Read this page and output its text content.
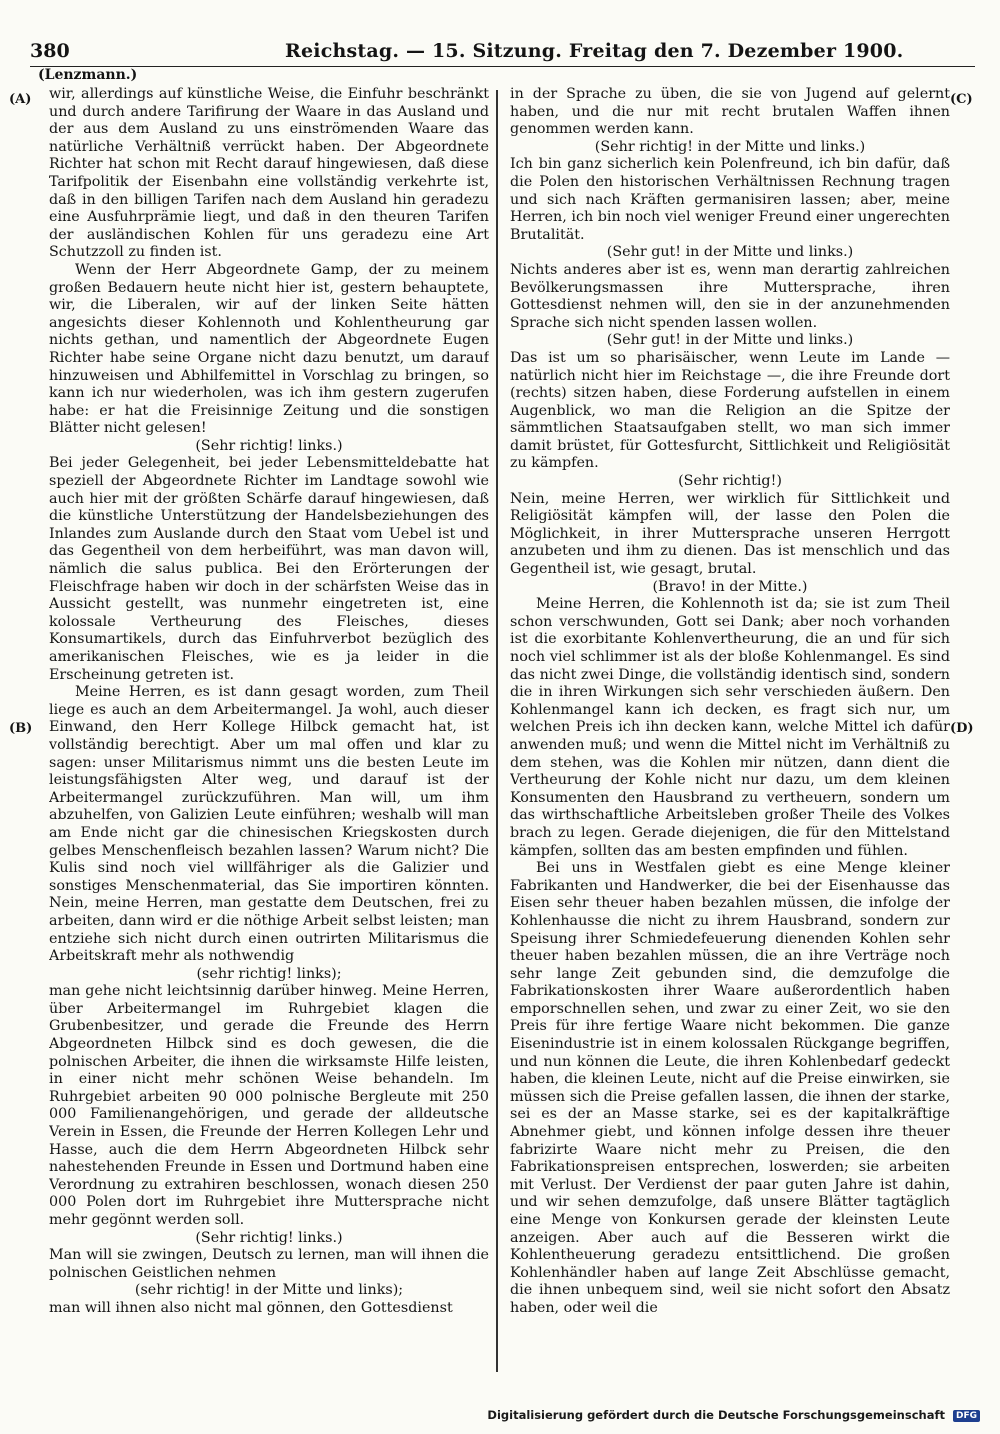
380	Reichstag. — 15. Sitzung. Freitag den 7. Dezember 1900.
(Lenzmann.)
(A)
(B)
(C)
(D)

wir, allerdings auf künstliche Weise, die Einfuhr beschränkt und durch andere Tarifirung der Waare in das Ausland und der aus dem Ausland zu uns einströmenden Waare das natürliche Verhältniß verrückt haben. Der Abgeordnete Richter hat schon mit Recht darauf hingewiesen, daß diese Tarifpolitik der Eisenbahn eine vollständig verkehrte ist, daß in den billigen Tarifen nach dem Ausland hin geradezu eine Ausfuhrprämie liegt, und daß in den theuren Tarifen der ausländischen Kohlen für uns geradezu eine Art Schutzzoll zu finden ist.

Wenn der Herr Abgeordnete Gamp, der zu meinem großen Bedauern heute nicht hier ist, gestern behauptete, wir, die Liberalen, wir auf der linken Seite hätten angesichts dieser Kohlennoth und Kohlentheurung gar nichts gethan, und namentlich der Abgeordnete Eugen Richter habe seine Organe nicht dazu benutzt, um darauf hinzuweisen und Abhilfemittel in Vorschlag zu bringen, so kann ich nur wiederholen, was ich ihm gestern zugerufen habe: er hat die Freisinnige Zeitung und die sonstigen Blätter nicht gelesen!

(Sehr richtig! links.)

Bei jeder Gelegenheit, bei jeder Lebensmitteldebatte hat speziell der Abgeordnete Richter im Landtage sowohl wie auch hier mit der größten Schärfe darauf hingewiesen, daß die künstliche Unterstützung der Handelsbeziehungen des Inlandes zum Auslande durch den Staat vom Uebel ist und das Gegentheil von dem herbeiführt, was man davon will, nämlich die salus publica. Bei den Erörterungen der Fleischfrage haben wir doch in der schärfsten Weise das in Aussicht gestellt, was nunmehr eingetreten ist, eine kolossale Vertheurung des Fleisches, dieses Konsumartikels, durch das Einfuhrverbot bezüglich des amerikanischen Fleisches, wie es ja leider in die Erscheinung getreten ist.

Meine Herren, es ist dann gesagt worden, zum Theil liege es auch an dem Arbeitermangel. Ja wohl, auch dieser Einwand, den Herr Kollege Hilbck gemacht hat, ist vollständig berechtigt. Aber um mal offen und klar zu sagen: unser Militarismus nimmt uns die besten Leute im leistungsfähigsten Alter weg, und darauf ist der Arbeitermangel zurückzuführen. Man will, um ihm abzuhelfen, von Galizien Leute einführen; weshalb will man am Ende nicht gar die chinesischen Kriegskosten durch gelbes Menschenfleisch bezahlen lassen? Warum nicht? Die Kulis sind noch viel willfähriger als die Galizier und sonstiges Menschenmaterial, das Sie importiren könnten. Nein, meine Herren, man gestatte dem Deutschen, frei zu arbeiten, dann wird er die nöthige Arbeit selbst leisten; man entziehe sich nicht durch einen outrirten Militarismus die Arbeitskraft mehr als nothwendig

(sehr richtig! links);

man gehe nicht leichtsinnig darüber hinweg. Meine Herren, über Arbeitermangel im Ruhrgebiet klagen die Grubenbesitzer, und gerade die Freunde des Herrn Abgeordneten Hilbck sind es doch gewesen, die die polnischen Arbeiter, die ihnen die wirksamste Hilfe leisten, in einer nicht mehr schönen Weise behandeln. Im Ruhrgebiet arbeiten 90 000 polnische Bergleute mit 250 000 Familienangehörigen, und gerade der alldeutsche Verein in Essen, die Freunde der Herren Kollegen Lehr und Hasse, auch die dem Herrn Abgeordneten Hilbck sehr nahestehenden Freunde in Essen und Dortmund haben eine Verordnung zu extrahiren beschlossen, wonach diesen 250 000 Polen dort im Ruhrgebiet ihre Muttersprache nicht mehr gegönnt werden soll.

(Sehr richtig! links.)

Man will sie zwingen, Deutsch zu lernen, man will ihnen die polnischen Geistlichen nehmen

(sehr richtig! in der Mitte und links);

man will ihnen also nicht mal gönnen, den Gottesdienst

in der Sprache zu üben, die sie von Jugend auf gelernt haben, und die nur mit recht brutalen Waffen ihnen genommen werden kann.

(Sehr richtig! in der Mitte und links.)

Ich bin ganz sicherlich kein Polenfreund, ich bin dafür, daß die Polen den historischen Verhältnissen Rechnung tragen und sich nach Kräften germanisiren lassen; aber, meine Herren, ich bin noch viel weniger Freund einer ungerechten Brutalität.

(Sehr gut! in der Mitte und links.)

Nichts anderes aber ist es, wenn man derartig zahlreichen Bevölkerungsmassen ihre Muttersprache, ihren Gottesdienst nehmen will, den sie in der anzunehmenden Sprache sich nicht spenden lassen wollen.

(Sehr gut! in der Mitte und links.)

Das ist um so pharisäischer, wenn Leute im Lande — natürlich nicht hier im Reichstage —, die ihre Freunde dort (rechts) sitzen haben, diese Forderung aufstellen in einem Augenblick, wo man die Religion an die Spitze der sämmtlichen Staatsaufgaben stellt, wo man sich immer damit brüstet, für Gottesfurcht, Sittlichkeit und Religiösität zu kämpfen.

(Sehr richtig!)

Nein, meine Herren, wer wirklich für Sittlichkeit und Religiösität kämpfen will, der lasse den Polen die Möglichkeit, in ihrer Muttersprache unseren Herrgott anzubeten und ihm zu dienen. Das ist menschlich und das Gegentheil ist, wie gesagt, brutal.

(Bravo! in der Mitte.)

Meine Herren, die Kohlennoth ist da; sie ist zum Theil schon verschwunden, Gott sei Dank; aber noch vorhanden ist die exorbitante Kohlenvertheurung, die an und für sich noch viel schlimmer ist als der bloße Kohlenmangel. Es sind das nicht zwei Dinge, die vollständig identisch sind, sondern die in ihren Wirkungen sich sehr verschieden äußern. Den Kohlenmangel kann ich decken, es fragt sich nur, um welchen Preis ich ihn decken kann, welche Mittel ich dafür anwenden muß; und wenn die Mittel nicht im Verhältniß zu dem stehen, was die Kohlen mir nützen, dann dient die Vertheurung der Kohle nicht nur dazu, um dem kleinen Konsumenten den Hausbrand zu vertheuern, sondern um das wirthschaftliche Arbeitsleben großer Theile des Volkes brach zu legen. Gerade diejenigen, die für den Mittelstand kämpfen, sollten das am besten empfinden und fühlen.

Bei uns in Westfalen giebt es eine Menge kleiner Fabrikanten und Handwerker, die bei der Eisenhausse das Eisen sehr theuer haben bezahlen müssen, die infolge der Kohlenhausse die nicht zu ihrem Hausbrand, sondern zur Speisung ihrer Schmiedefeuerung dienenden Kohlen sehr theuer haben bezahlen müssen, die an ihre Verträge noch sehr lange Zeit gebunden sind, die demzufolge die Fabrikationskosten ihrer Waare außerordentlich haben emporschnellen sehen, und zwar zu einer Zeit, wo sie den Preis für ihre fertige Waare nicht bekommen. Die ganze Eisenindustrie ist in einem kolossalen Rückgange begriffen, und nun können die Leute, die ihren Kohlenbedarf gedeckt haben, die kleinen Leute, nicht auf die Preise einwirken, sie müssen sich die Preise gefallen lassen, die ihnen der starke, sei es der an Masse starke, sei es der kapitalkräftige Abnehmer giebt, und können infolge dessen ihre theuer fabrizirte Waare nicht mehr zu Preisen, die den Fabrikationspreisen entsprechen, loswerden; sie arbeiten mit Verlust. Der Verdienst der paar guten Jahre ist dahin, und wir sehen demzufolge, daß unsere Blätter tagtäglich eine Menge von Konkursen gerade der kleinsten Leute anzeigen. Aber auch auf die Besseren wirkt die Kohlentheuerung geradezu entsittlichend. Die großen Kohlenhändler haben auf lange Zeit Abschlüsse gemacht, die ihnen unbequem sind, weil sie nicht sofort den Absatz haben, oder weil die

Digitalisierung gefördert durch die Deutsche Forschungsgemeinschaft DFG
